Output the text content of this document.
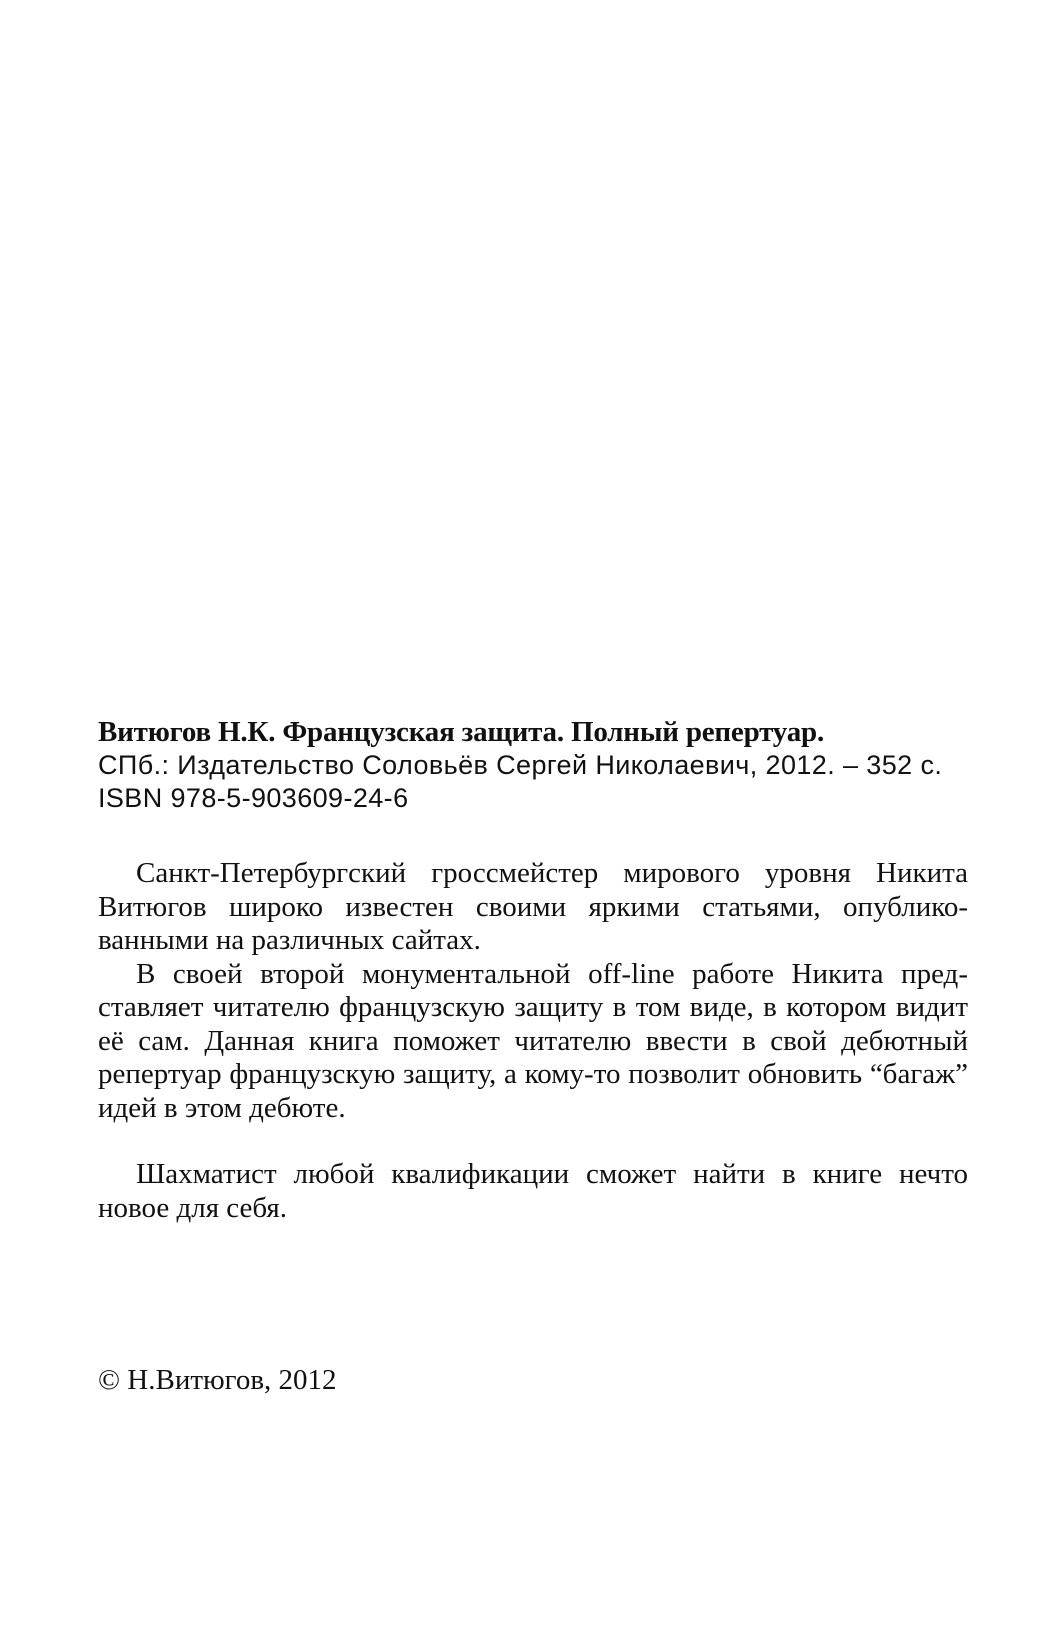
Витюгов Н.К. Французская защита. Полный репертуар.
СПб.: Издательство Соловьёв Сергей Николаевич, 2012. – 352 с.
ISBN 978-5-903609-24-6

Санкт-Петербургский гроссмейстер мирового уровня Никита Витюгов широко известен своими яркими статьями, опубликованными на различных сайтах.

В своей второй монументальной off-line работе Никита представляет читателю французскую защиту в том виде, в котором видит её сам. Данная книга поможет читателю ввести в свой дебютный репертуар французскую защиту, а кому-то позволит обновить “багаж” идей в этом дебюте.

Шахматист любой квалификации сможет найти в книге нечто новое для себя.

© Н.Витюгов, 2012
